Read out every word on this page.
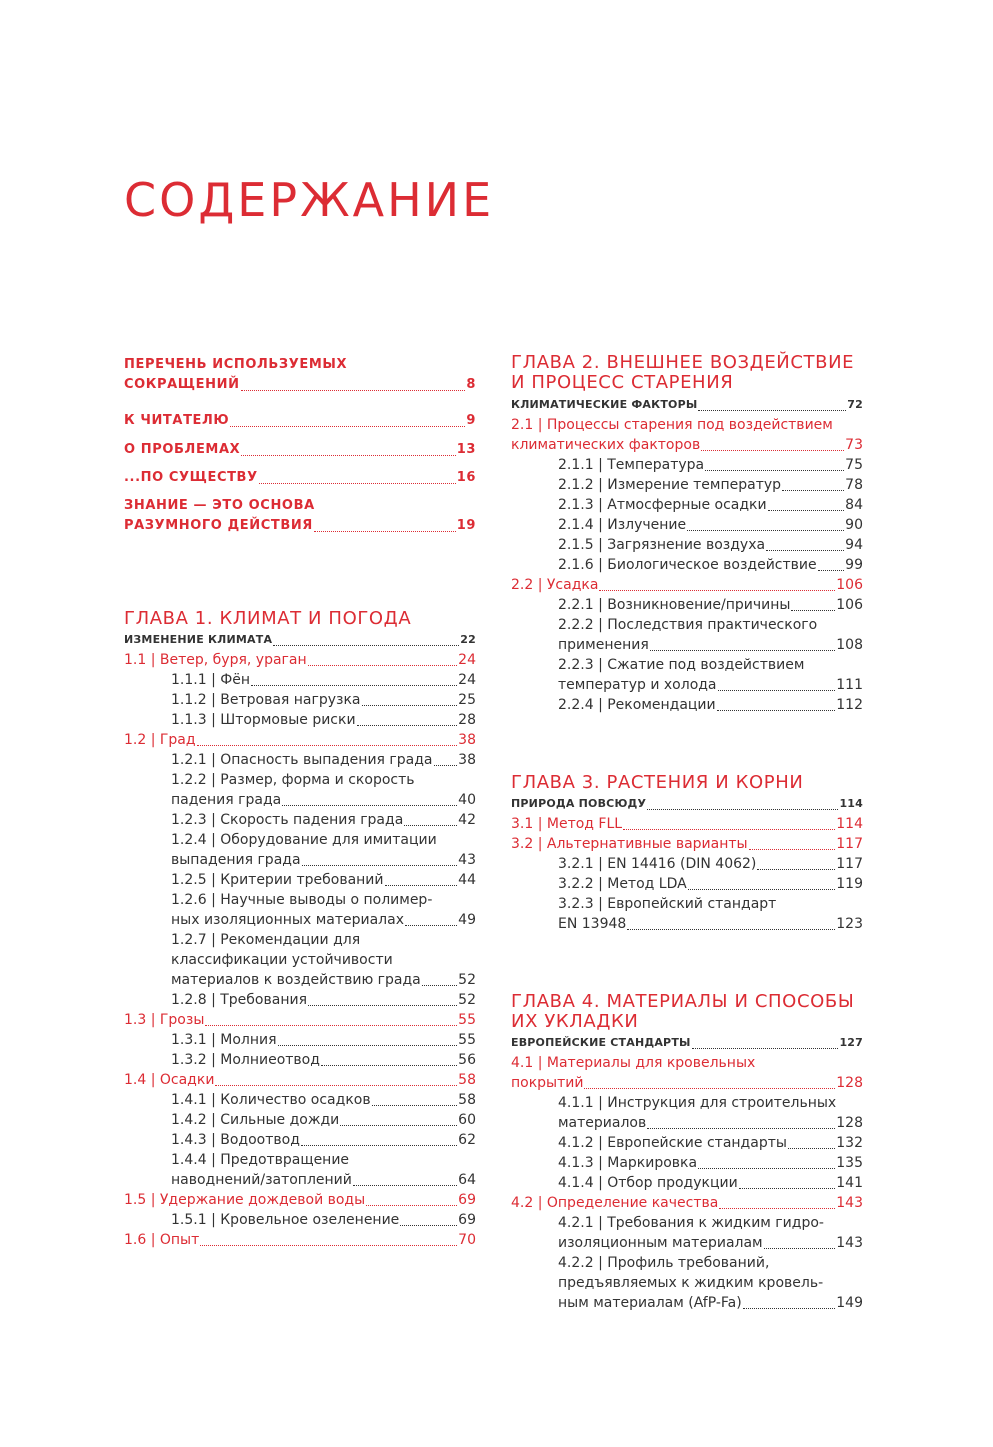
СОДЕРЖАНИЕ
ПЕРЕЧЕНЬ ИСПОЛЬЗУЕМЫХ
СОКРАЩЕНИЙ	8
К ЧИТАТЕЛЮ	9
О ПРОБЛЕМАХ	13
...ПО СУЩЕСТВУ	16
ЗНАНИЕ — ЭТО ОСНОВА
РАЗУМНОГО ДЕЙСТВИЯ	19
ГЛАВА 1. КЛИМАТ И ПОГОДА
ИЗМЕНЕНИЕ КЛИМАТА	22
1.1 | Ветер, буря, ураган	24
1.1.1 | Фён	24
1.1.2 | Ветровая нагрузка	25
1.1.3 | Штормовые риски	28
1.2 | Град	38
1.2.1 | Опасность выпадения града 38
1.2.2 | Размер, форма и скорость
падения града	40
1.2.3 | Скорость падения града	42
1.2.4 | Оборудование для имитации
выпадения града	43
1.2.5 | Критерии требований	44
1.2.6 | Научные выводы о полимер-
ных изоляционных материалах	49
1.2.7 | Рекомендации для
классификации устойчивости
материалов к воздействию града	52
1.2.8 | Требования	52
1.3 | Грозы	55
1.3.1 | Молния	55
1.3.2 | Молниеотвод	56
1.4 | Осадки	58
1.4.1 | Количество осадков	58
1.4.2 | Сильные дожди	60
1.4.3 | Водоотвод	62
1.4.4 | Предотвращение
наводнений/затоплений	64
1.5 | Удержание дождевой воды	69
1.5.1 | Кровельное озеленение	69
1.6 | Опыт	70
ГЛАВА 2. ВНЕШНЕЕ ВОЗДЕЙСТВИЕ
И ПРОЦЕСС СТАРЕНИЯ
КЛИМАТИЧЕСКИЕ ФАКТОРЫ	72
2.1 | Процессы старения под воздействием
климатических факторов	73
2.1.1 | Температура	75
2.1.2 | Измерение температур	78
2.1.3 | Атмосферные осадки	84
2.1.4 | Излучение	90
2.1.5 | Загрязнение воздуха	94
2.1.6 | Биологическое воздействие 99
2.2 | Усадка	106
2.2.1 | Возникновение/причины	106
2.2.2 | Последствия практического
применения	108
2.2.3 | Сжатие под воздействием
температур и холода	111
2.2.4 | Рекомендации	112
ГЛАВА 3. РАСТЕНИЯ И КОРНИ
ПРИРОДА ПОВСЮДУ	114
3.1 | Метод FLL	114
3.2 | Альтернативные варианты	117
3.2.1 | EN 14416 (DIN 4062)	117
3.2.2 | Метод LDA	119
3.2.3 | Европейский стандарт
EN 13948	123
ГЛАВА 4. МАТЕРИАЛЫ И СПОСОБЫ
ИХ УКЛАДКИ
ЕВРОПЕЙСКИЕ СТАНДАРТЫ	127
4.1 | Материалы для кровельных
покрытий	128
4.1.1 | Инструкция для строительных
материалов	128
4.1.2 | Европейские стандарты	132
4.1.3 | Маркировка	135
4.1.4 | Отбор продукции	141
4.2 | Определение качества	143
4.2.1 | Требования к жидким гидро-
изоляционным материалам	143
4.2.2 | Профиль требований,
предъявляемых к жидким кровель-
ным материалам (AfP-Fa)	149
